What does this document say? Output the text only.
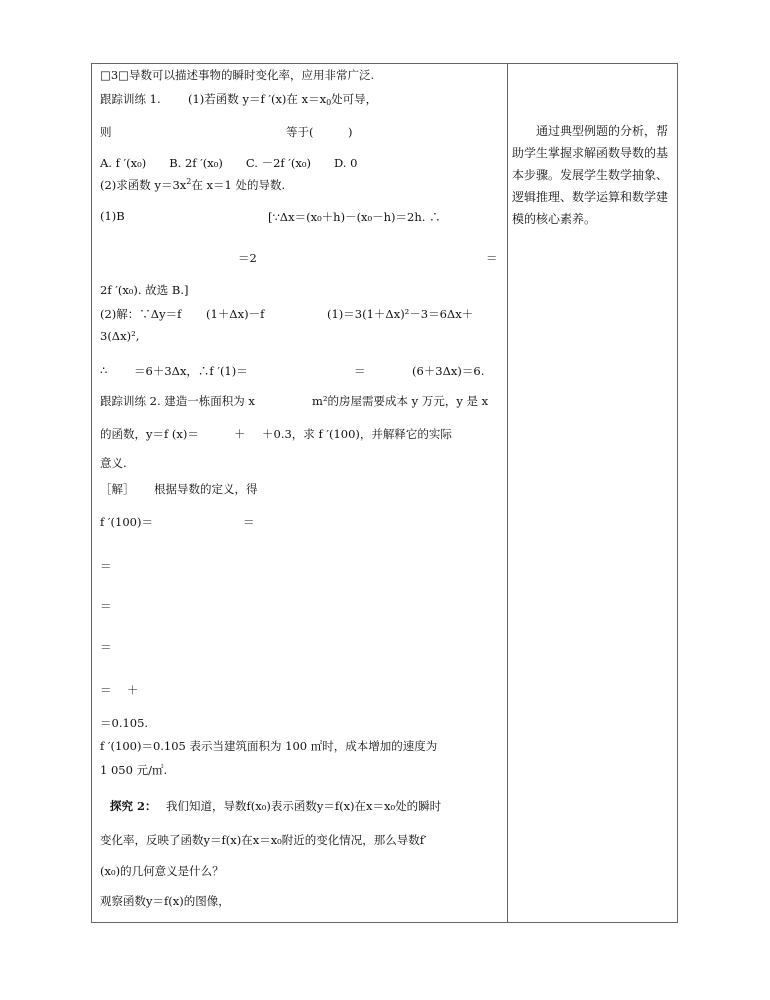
□3□导数可以描述事物的瞬时变化率，应用非常广泛.
跟踪训练 1. (1)若函数 y＝f ′(x)在 $x=x_0$处可导，
则	等于(　　　)
A. f ′(x₀)　　B. 2f ′(x₀)　　C. －2f ′(x₀)　　D. 0
(2)求函数 $y=3x^2$在 x＝1 处的导数.
(1)B	[∵Δx＝(x₀＋h)－(x₀－h)＝2h. ∴
＝2	＝
2f ′(x₀). 故选 B.]
(2)解：∵Δy＝f (1＋Δx)－f	(1)＝3(1＋Δx)²－3＝6Δx＋
3(Δx)²,
∴ ＝6＋3Δx，∴f ′(1)＝	＝	(6＋3Δx)＝6.
跟踪训练 2. 建造一栋面积为 x	m²的房屋需要成本 y 万元，y 是 x
的函数，y＝f (x)＝	＋ ＋0.3，求 f ′(100)，并解释它的实际
意义.
［解］ 根据导数的定义，得
f ′(100)＝	＝
＝
＝
＝
＝ ＋
＝0.105.
f ′(100)＝0.105 表示当建筑面积为 100 ㎡时，成本增加的速度为
1 050 元/㎡.
探究 2： 我们知道，导数f(x₀)表示函数y＝f(x)在x＝x₀处的瞬时
变化率，反映了函数y＝f(x)在x＝x₀附近的变化情况，那么导数f′
(x₀)的几何意义是什么？
观察函数y＝f(x)的图像，
通过典型例题的分析，帮助学生掌握求解函数导数的基本步骤。发展学生数学抽象、逻辑推理、数学运算和数学建模的核心素养。
